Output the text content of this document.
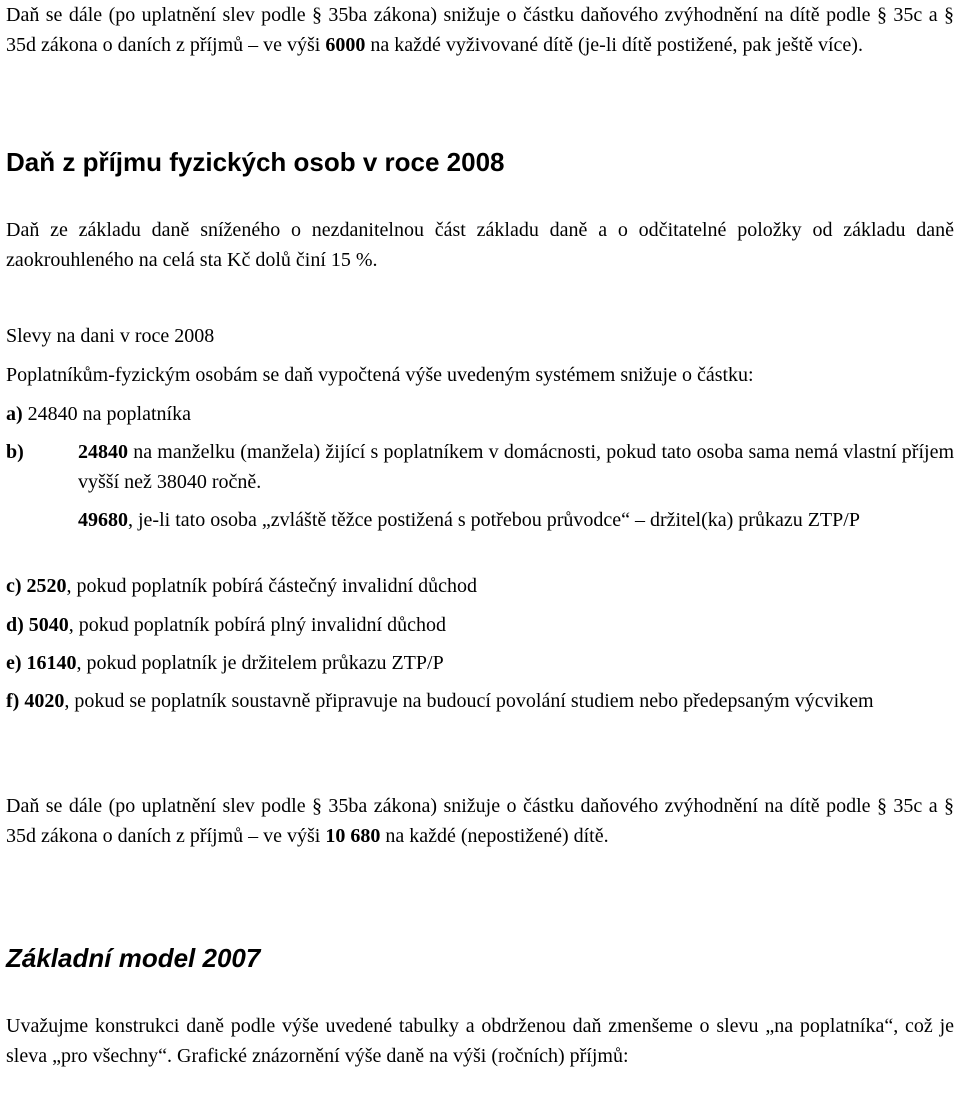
Daň se dále (po uplatnění slev podle § 35ba zákona) snižuje o částku daňového zvýhodnění na dítě podle § 35c a § 35d zákona o daních z příjmů – ve výši 6000 na každé vyživované dítě (je-li dítě postižené, pak ještě více).

Daň z příjmu fyzických osob v roce 2008

Daň ze základu daně sníženého o nezdanitelnou část základu daně a o odčitatelné položky od základu daně zaokrouhleného na celá sta Kč dolů činí 15 %.

Slevy na dani v roce 2008

Poplatníkům-fyzickým osobám se daň vypočtená výše uvedeným systémem snižuje o částku:

a) 24840 na poplatníka

b)	24840 na manželku (manžela) žijící s poplatníkem v domácnosti, pokud tato osoba sama nemá vlastní příjem vyšší než 38040 ročně.

49680, je-li tato osoba „zvláště těžce postižená s potřebou průvodce“ – držitel(ka) průkazu ZTP/P

c) 2520, pokud poplatník pobírá částečný invalidní důchod

d) 5040, pokud poplatník pobírá plný invalidní důchod

e) 16140, pokud poplatník je držitelem průkazu ZTP/P

f) 4020, pokud se poplatník soustavně připravuje na budoucí povolání studiem nebo předepsaným výcvikem

Daň se dále (po uplatnění slev podle § 35ba zákona) snižuje o částku daňového zvýhodnění na dítě podle § 35c a § 35d zákona o daních z příjmů – ve výši 10 680 na každé (nepostižené) dítě.

Základní model 2007

Uvažujme konstrukci daně podle výše uvedené tabulky a obdrženou daň zmenšeme o slevu „na poplatníka“, což je sleva „pro všechny“. Grafické znázornění výše daně na výši (ročních) příjmů:
